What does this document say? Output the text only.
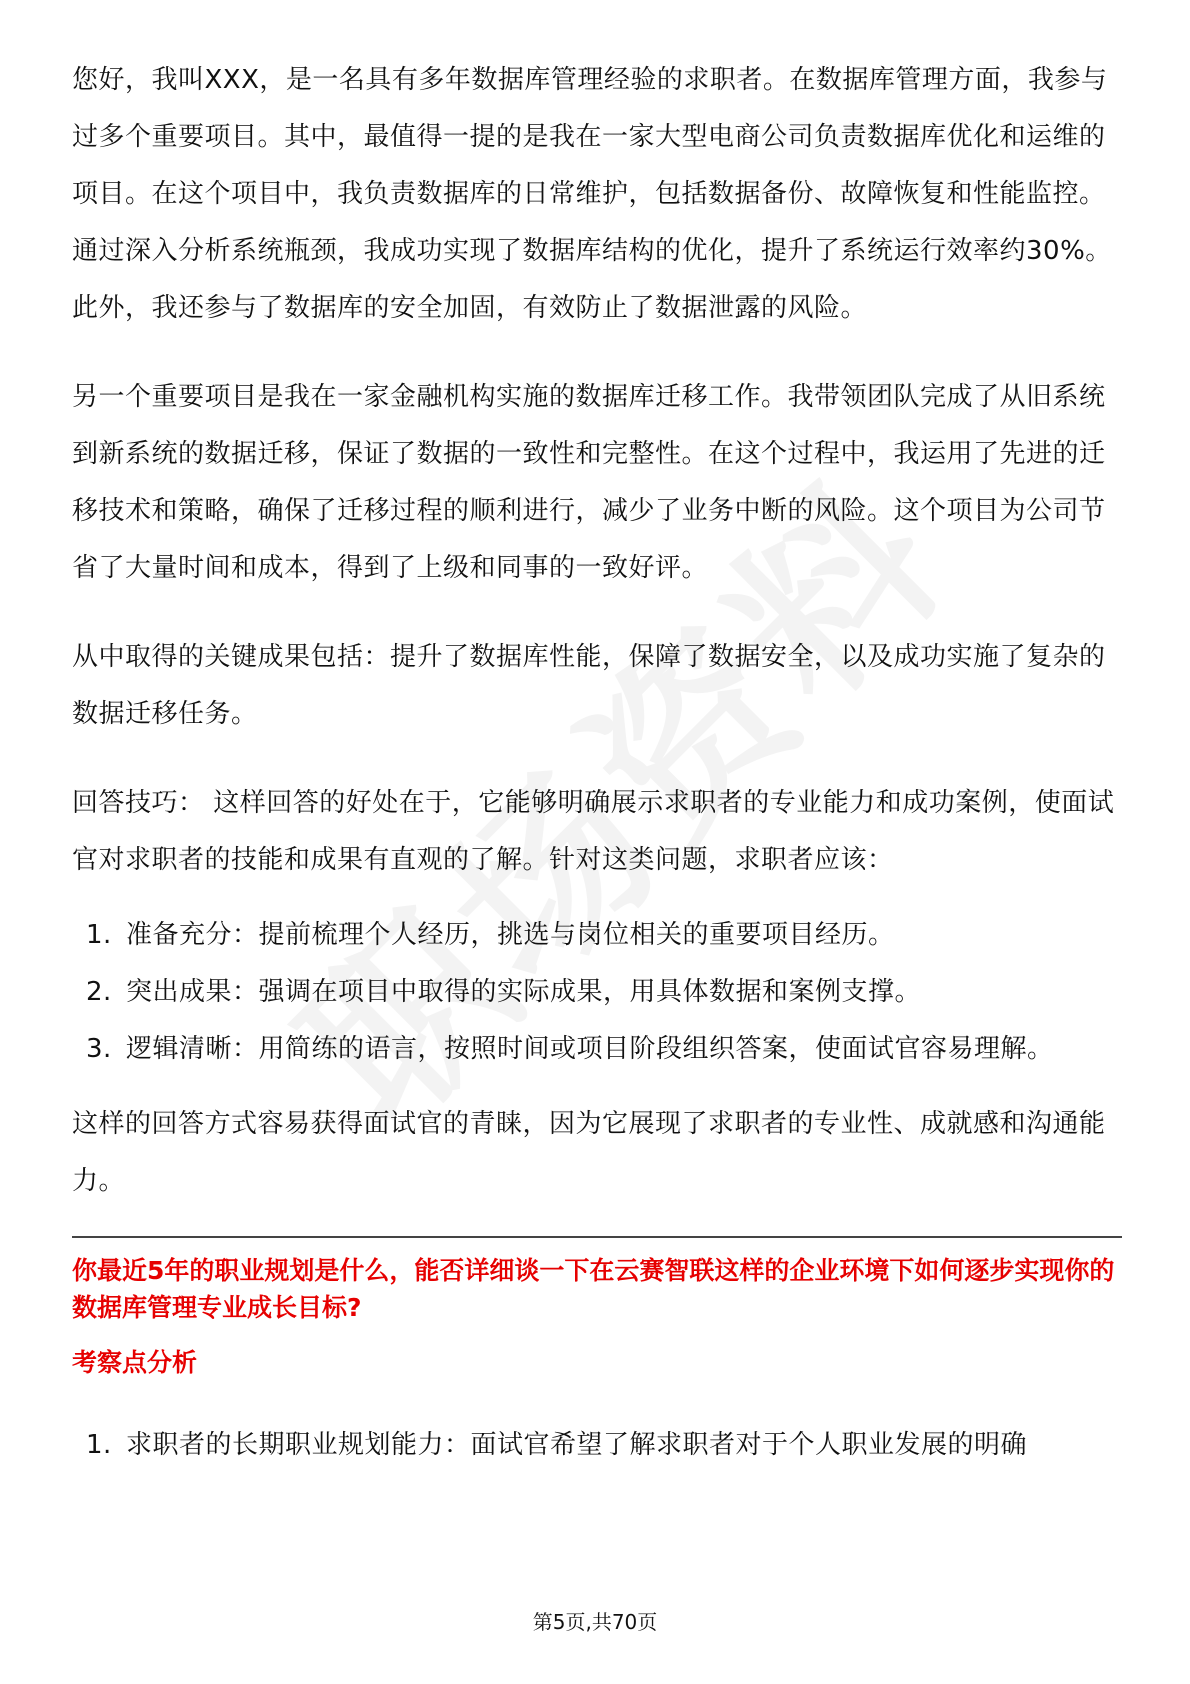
您好，我叫XXX，是一名具有多年数据库管理经验的求职者。在数据库管理方面，我参与过多个重要项目。其中，最值得一提的是我在一家大型电商公司负责数据库优化和运维的项目。在这个项目中，我负责数据库的日常维护，包括数据备份、故障恢复和性能监控。通过深入分析系统瓶颈，我成功实现了数据库结构的优化，提升了系统运行效率约30%。此外，我还参与了数据库的安全加固，有效防止了数据泄露的风险。

另一个重要项目是我在一家金融机构实施的数据库迁移工作。我带领团队完成了从旧系统到新系统的数据迁移，保证了数据的一致性和完整性。在这个过程中，我运用了先进的迁移技术和策略，确保了迁移过程的顺利进行，减少了业务中断的风险。这个项目为公司节省了大量时间和成本，得到了上级和同事的一致好评。

从中取得的关键成果包括：提升了数据库性能，保障了数据安全，以及成功实施了复杂的数据迁移任务。

回答技巧： 这样回答的好处在于，它能够明确展示求职者的专业能力和成功案例，使面试官对求职者的技能和成果有直观的了解。针对这类问题，求职者应该：

1. 准备充分：提前梳理个人经历，挑选与岗位相关的重要项目经历。
2. 突出成果：强调在项目中取得的实际成果，用具体数据和案例支撑。
3. 逻辑清晰：用简练的语言，按照时间或项目阶段组织答案，使面试官容易理解。

这样的回答方式容易获得面试官的青睐，因为它展现了求职者的专业性、成就感和沟通能力。

你最近5年的职业规划是什么，能否详细谈一下在云赛智联这样的企业环境下如何逐步实现你的数据库管理专业成长目标?

考察点分析

1. 求职者的长期职业规划能力：面试官希望了解求职者对于个人职业发展的明确
第5页,共70页
